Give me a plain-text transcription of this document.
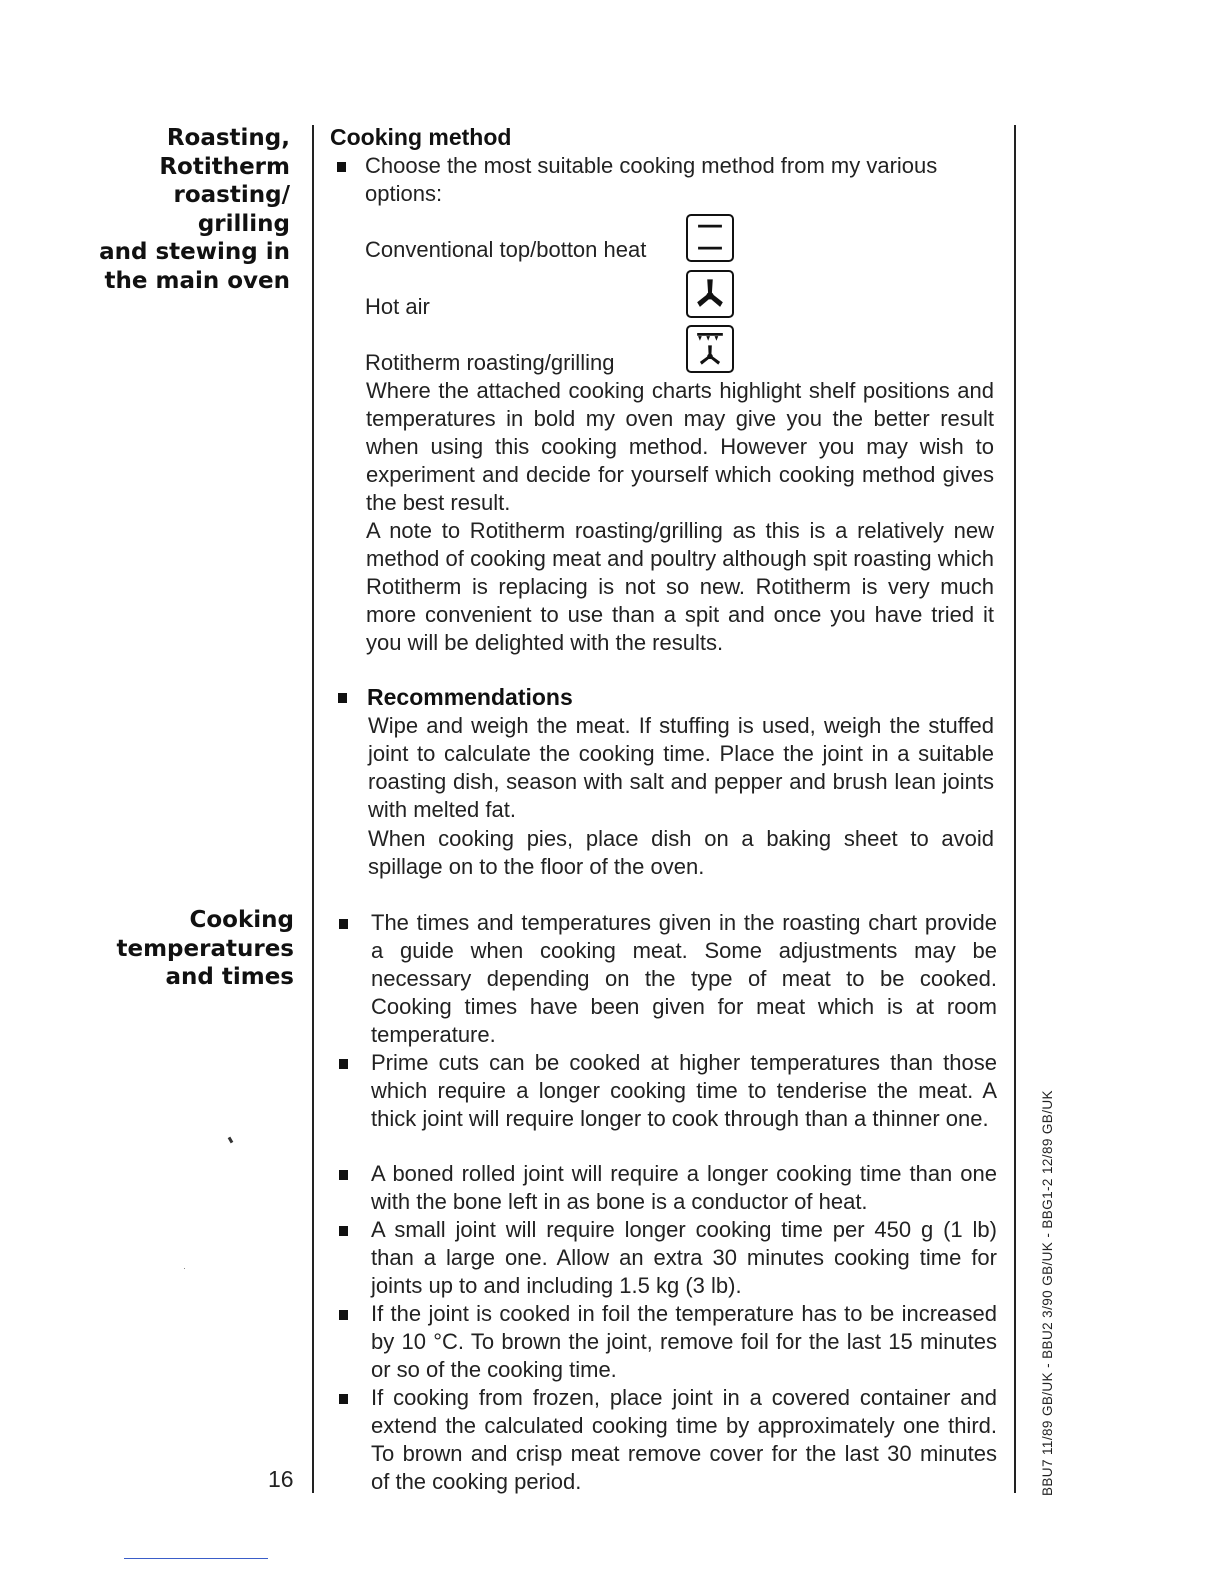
Roasting,
Rotitherm
roasting/
grilling
and stewing in
the main oven
Cooking
temperatures
and times
16	BBU7 11/89 GB/UK - BBU2 3/90 GB/UK - BBG1-2 12/89 GB/UK
Cooking method
Choose the most suitable cooking method from my various options:
Conventional top/botton heat
Hot air
Rotitherm roasting/grilling
Where the attached cooking charts highlight shelf positions and temperatures in bold my oven may give you the better result when using this cooking method. However you may wish to experiment and decide for yourself which cooking method gives the best result.
A note to Rotitherm roasting/grilling as this is a relatively new method of cooking meat and poultry although spit roasting which Rotitherm is replacing is not so new. Rotitherm is very much more convenient to use than a spit and once you have tried it you will be delighted with the results.
Recommendations
Wipe and weigh the meat. If stuffing is used, weigh the stuffed joint to calculate the cooking time. Place the joint in a suitable roasting dish, season with salt and pepper and brush lean joints with melted fat.
When cooking pies, place dish on a baking sheet to avoid spillage on to the floor of the oven.
The times and temperatures given in the roasting chart provide a guide when cooking meat. Some adjustments may be necessary depending on the type of meat to be cooked. Cooking times have been given for meat which is at room temperature.
Prime cuts can be cooked at higher temperatures than those which require a longer cooking time to tenderise the meat. A thick joint will require longer to cook through than a thinner one.
A boned rolled joint will require a longer cooking time than one with the bone left in as bone is a conductor of heat.
A small joint will require longer cooking time per 450 g (1 lb) than a large one. Allow an extra 30 minutes cooking time for joints up to and including 1.5 kg (3 lb).
If the joint is cooked in foil the temperature has to be increased by 10 °C. To brown the joint, remove foil for the last 15 minutes or so of the cooking time.
If cooking from frozen, place joint in a covered container and extend the calculated cooking time by approximately one third. To brown and crisp meat remove cover for the last 30 minutes of the cooking period.
